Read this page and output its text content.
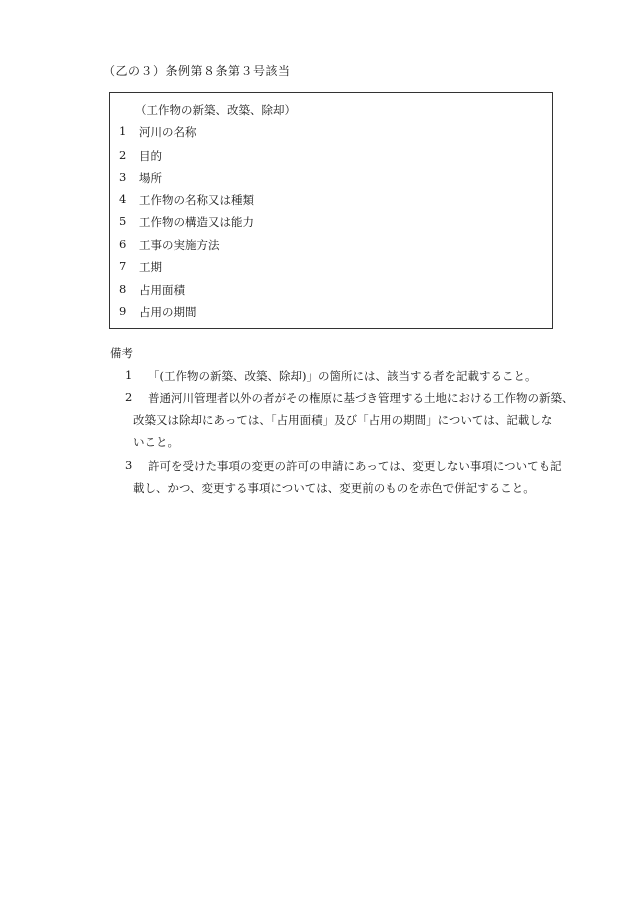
（乙の３）条例第８条第３号該当
（工作物の新築、改築、除却）
1 河川の名称
2 目的
3 場所
4 工作物の名称又は種類
5 工作物の構造又は能力
6 工事の実施方法
7 工期
8 占用面積
9 占用の期間
備考
1 「(工作物の新築、改築、除却)」の箇所には、該当する者を記載すること。
2 普通河川管理者以外の者がその権原に基づき管理する土地における工作物の新築、
改築又は除却にあっては、「占用面積」及び「占用の期間」については、記載しな
いこと。
3 許可を受けた事項の変更の許可の申請にあっては、変更しない事項についても記
載し、かつ、変更する事項については、変更前のものを赤色で併記すること。
